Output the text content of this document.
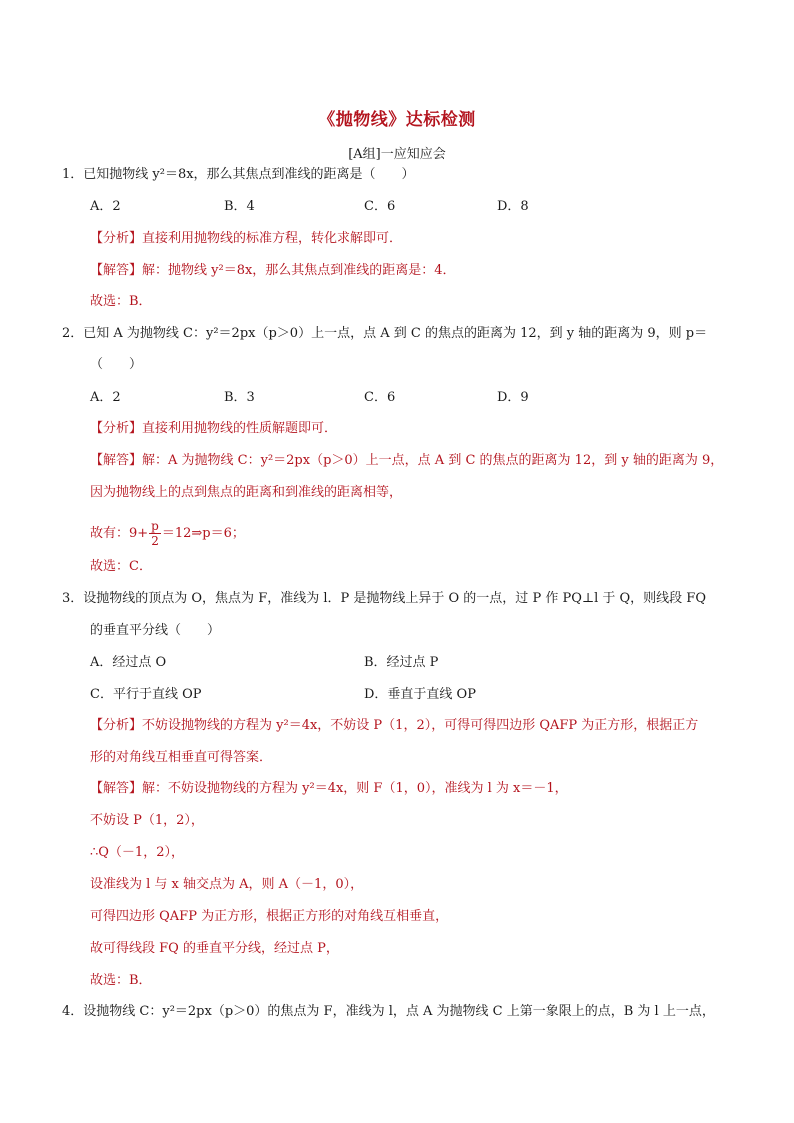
《抛物线》达标检测
[A组]一应知应会
1．已知抛物线 y²＝8x，那么其焦点到准线的距离是（　　）
A．2	B．4	C．6	D．8
【分析】直接利用抛物线的标准方程，转化求解即可．
【解答】解：抛物线 y²＝8x，那么其焦点到准线的距离是：4．
故选：B．
2．已知 A 为抛物线 C：y²＝2px（p＞0）上一点，点 A 到 C 的焦点的距离为 12，到 y 轴的距离为 9，则 p＝
（　　）
A．2	B．3	C．6	D．9
【分析】直接利用抛物线的性质解题即可．
【解答】解：A 为抛物线 C：y²＝2px（p＞0）上一点，点 A 到 C 的焦点的距离为 12，到 y 轴的距离为 9，
因为抛物线上的点到焦点的距离和到准线的距离相等，
故有：$9+ \frac{p}{2}$ ＝12⇒p＝6；
故选：C．
3．设抛物线的顶点为 O，焦点为 F，准线为 l．P 是抛物线上异于 O 的一点，过 P 作 PQ⊥l 于 Q，则线段 FQ
的垂直平分线（　　）
A．经过点 O	B．经过点 P
C．平行于直线 OP	D．垂直于直线 OP
【分析】不妨设抛物线的方程为 y²＝4x，不妨设 P（1，2），可得可得四边形 QAFP 为正方形，根据正方
形的对角线互相垂直可得答案．
【解答】解：不妨设抛物线的方程为 y²＝4x，则 F（1，0），准线为 l 为 x＝－1，
不妨设 P（1，2），
∴Q（－1，2），
设准线为 l 与 x 轴交点为 A，则 A（－1，0），
可得四边形 QAFP 为正方形，根据正方形的对角线互相垂直，
故可得线段 FQ 的垂直平分线，经过点 P，
故选：B．
4．设抛物线 C：y²＝2px（p＞0）的焦点为 F，准线为 l，点 A 为抛物线 C 上第一象限上的点，B 为 l 上一点，
